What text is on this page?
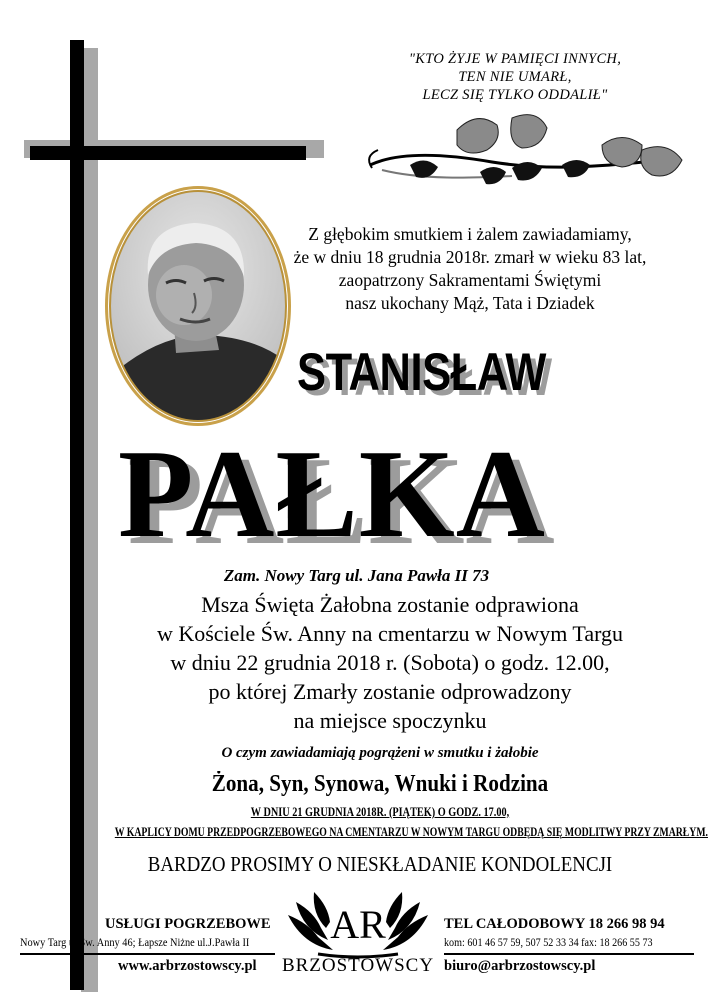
"KTO ŻYJE W PAMIĘCI INNYCH,
TEN NIE UMARŁ,
LECZ SIĘ TYLKO ODDALIŁ"
Z głębokim smutkiem i żalem zawiadamiamy,
że w dniu 18 grudnia 2018r. zmarł w wieku 83 lat,
zaopatrzony Sakramentami Świętymi
nasz ukochany Mąż, Tata i Dziadek
STANISŁAW
PAŁKA
Zam. Nowy Targ ul. Jana Pawła II 73
Msza Święta Żałobna zostanie odprawiona
w Kościele Św. Anny na cmentarzu w Nowym Targu
w dniu 22 grudnia 2018 r. (Sobota) o godz. 12.00,
po której Zmarły zostanie odprowadzony
na miejsce spoczynku
O czym zawiadamiają pogrążeni w smutku i żałobie
Żona, Syn, Synowa, Wnuki i Rodzina
W DNIU 21 GRUDNIA 2018R. (PIĄTEK) O GODZ. 17.00,
W KAPLICY DOMU PRZEDPOGRZEBOWEGO NA CMENTARZU W NOWYM TARGU ODBĘDĄ SIĘ MODLITWY PRZY ZMARŁYM.
BARDZO PROSIMY O NIESKŁADANIE KONDOLENCJI
USŁUGI POGRZEBOWE
Nowy Targ ul.Św. Anny 46; Łapsze Niżne ul.J.Pawła II
www.arbrzostowscy.pl
AR
BRZOSTOWSCY
TEL CAŁODOBOWY 18 266 98 94
kom: 601 46 57 59, 507 52 33 34 fax: 18 266 55 73
biuro@arbrzostowscy.pl
